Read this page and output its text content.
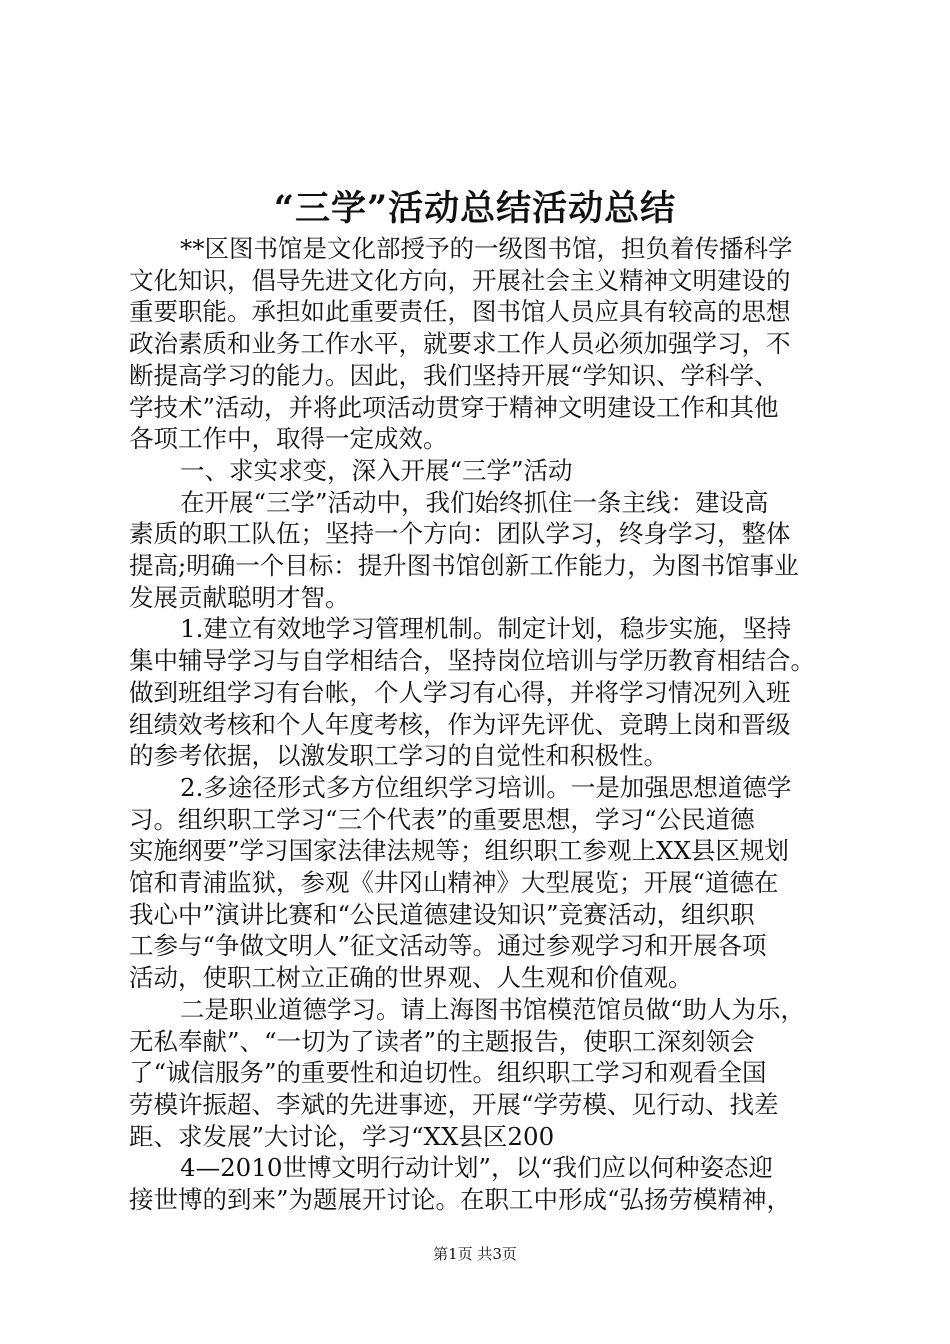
“三学”活动总结活动总结
**区图书馆是文化部授予的一级图书馆，担负着传播科学
文化知识，倡导先进文化方向，开展社会主义精神文明建设的
重要职能。承担如此重要责任，图书馆人员应具有较高的思想
政治素质和业务工作水平，就要求工作人员必须加强学习，不
断提高学习的能力。因此，我们坚持开展“学知识、学科学、
学技术”活动，并将此项活动贯穿于精神文明建设工作和其他
各项工作中，取得一定成效。
一、求实求变，深入开展“三学”活动
在开展“三学”活动中，我们始终抓住一条主线：建设高
素质的职工队伍；坚持一个方向：团队学习，终身学习，整体
提高;明确一个目标：提升图书馆创新工作能力，为图书馆事业
发展贡献聪明才智。
1.建立有效地学习管理机制。制定计划，稳步实施，坚持
集中辅导学习与自学相结合，坚持岗位培训与学历教育相结合。
做到班组学习有台帐，个人学习有心得，并将学习情况列入班
组绩效考核和个人年度考核，作为评先评优、竞聘上岗和晋级
的参考依据，以激发职工学习的自觉性和积极性。
2.多途径形式多方位组织学习培训。一是加强思想道德学
习。组织职工学习“三个代表”的重要思想，学习“公民道德
实施纲要”学习国家法律法规等；组织职工参观上XX县区规划
馆和青浦监狱，参观《井冈山精神》大型展览；开展“道德在
我心中”演讲比赛和“公民道德建设知识”竞赛活动，组织职
工参与“争做文明人”征文活动等。通过参观学习和开展各项
活动，使职工树立正确的世界观、人生观和价值观。
二是职业道德学习。请上海图书馆模范馆员做“助人为乐，
无私奉献”、“一切为了读者”的主题报告，使职工深刻领会
了“诚信服务”的重要性和迫切性。组织职工学习和观看全国
劳模许振超、李斌的先进事迹，开展“学劳模、见行动、找差
距、求发展”大讨论，学习“XX县区200
4—2010世博文明行动计划”，以“我们应以何种姿态迎
接世博的到来”为题展开讨论。在职工中形成“弘扬劳模精神，
第1页 共3页
